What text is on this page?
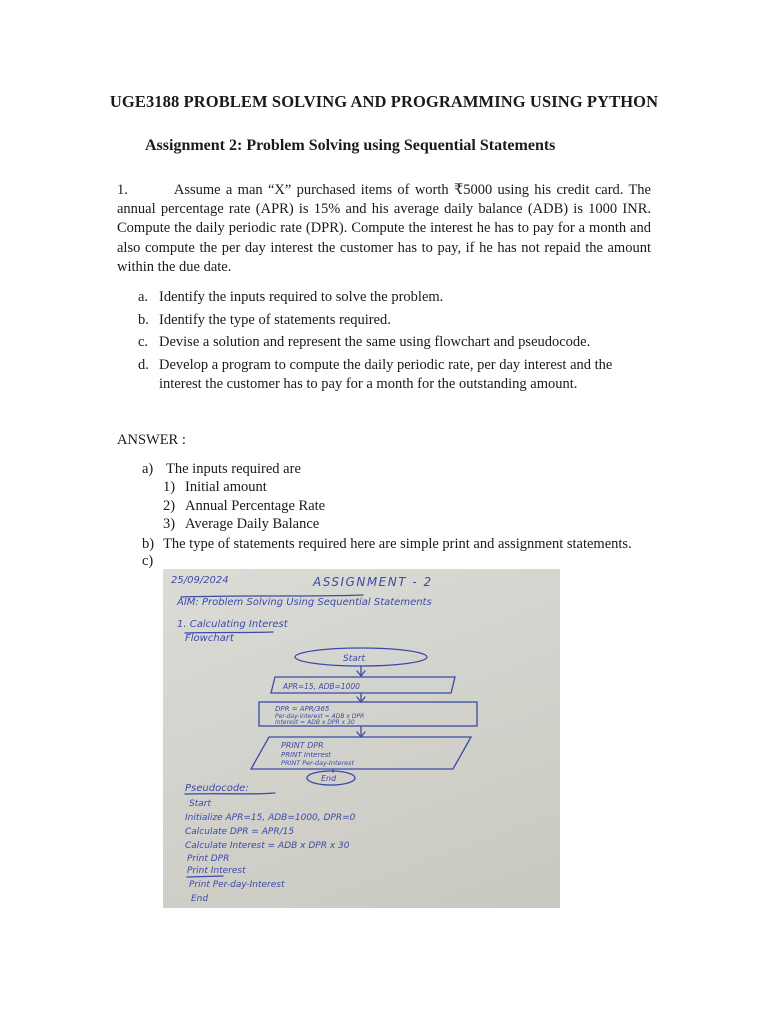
UGE3188 PROBLEM SOLVING AND PROGRAMMING USING PYTHON
Assignment 2: Problem Solving using Sequential Statements
1.	Assume a man “X” purchased items of worth ₹5000 using his credit card. The annual percentage rate (APR) is 15% and his average daily balance (ADB) is 1000 INR. Compute the daily periodic rate (DPR). Compute the interest he has to pay for a month and also compute the per day interest the customer has to pay, if he has not repaid the amount within the due date.
a. Identify the inputs required to solve the problem.
b. Identify the type of statements required.
c. Devise a solution and represent the same using flowchart and pseudocode.
d. Develop a program to compute the daily periodic rate, per day interest and the interest the customer has to pay for a month for the outstanding amount.
ANSWER :
a) The inputs required are
1) Initial amount
2) Annual Percentage Rate
3) Average Daily Balance
b) The type of statements required here are simple print and assignment statements.
c)
25/09/2024	ASSIGNMENT - 2
AIM: Problem Solving Using Sequential Statements
1. Calculating Interest
Flowchart
Start
APR=15, ADB=1000
DPR = APR/365
Per-day-interest = ADB x DPR
Interest = ADB x DPR x 30
PRINT DPR
PRINT Interest
PRINT Per-day-Interest
End
Pseudocode:
Start
Initialize APR=15, ADB=1000, DPR=0
Calculate DPR = APR/15
Calculate Interest = ADB x DPR x 30
Print DPR
Print Interest
Print Per-day-Interest
End
